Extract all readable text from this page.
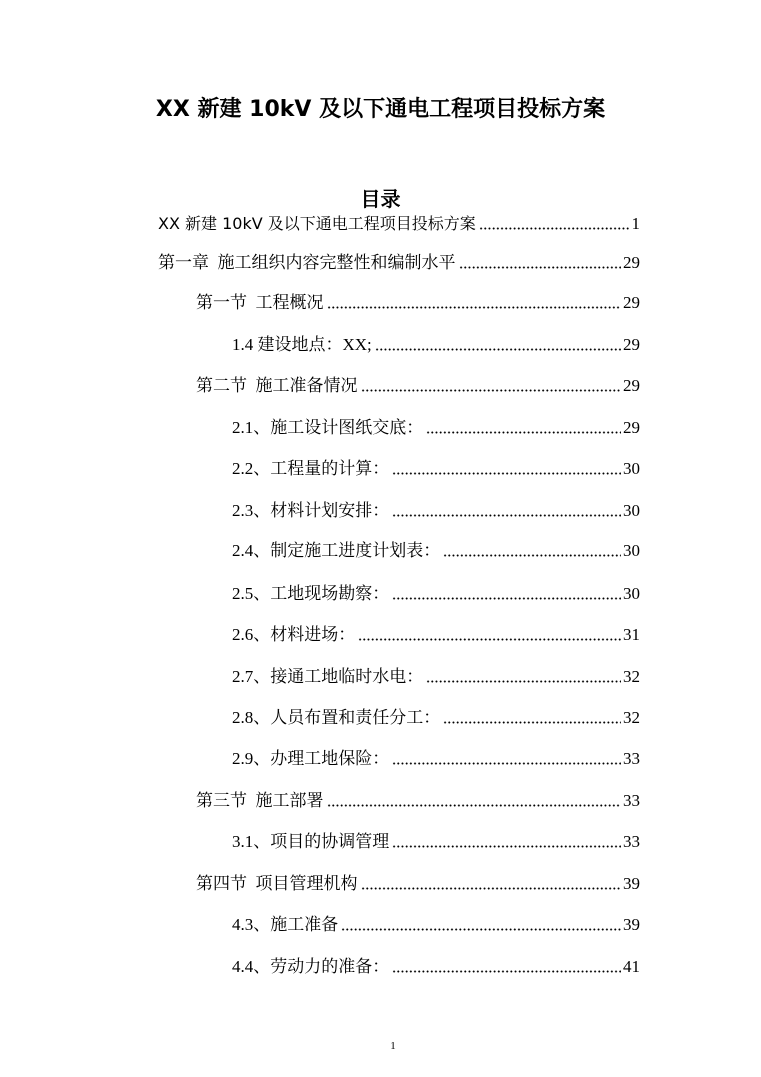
XX 新建 10kV 及以下通电工程项目投标方案
目录
XX 新建 10kV 及以下通电工程项目投标方案	1
第一章  施工组织内容完整性和编制水平	29
第一节  工程概况	29
1.4 建设地点：XX;	29
第二节  施工准备情况	29
2.1、施工设计图纸交底：	29
2.2、工程量的计算：	30
2.3、材料计划安排：	30
2.4、制定施工进度计划表：	30
2.5、工地现场勘察：	30
2.6、材料进场：	31
2.7、接通工地临时水电：	32
2.8、人员布置和责任分工：	32
2.9、办理工地保险：	33
第三节  施工部署	33
3.1、项目的协调管理	33
第四节  项目管理机构	39
4.3、施工准备	39
4.4、劳动力的准备：	41
1
